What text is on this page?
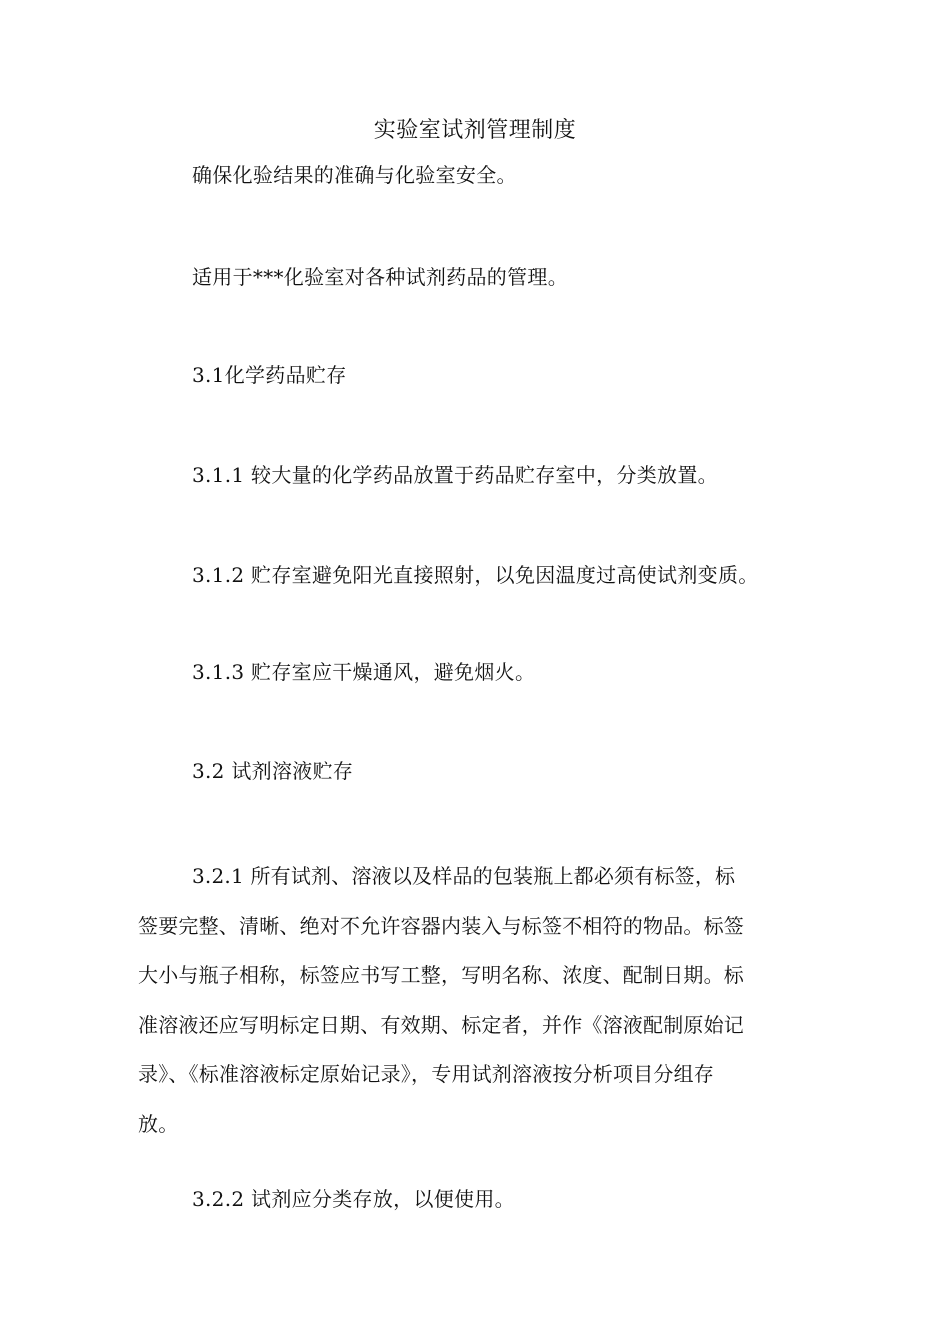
实验室试剂管理制度
确保化验结果的准确与化验室安全。
适用于***化验室对各种试剂药品的管理。
3.1化学药品贮存
3.1.1 较大量的化学药品放置于药品贮存室中，分类放置。
3.1.2 贮存室避免阳光直接照射，以免因温度过高使试剂变质。
3.1.3 贮存室应干燥通风，避免烟火。
3.2 试剂溶液贮存
3.2.1 所有试剂、溶液以及样品的包装瓶上都必须有标签，标
签要完整、清晰、绝对不允许容器内装入与标签不相符的物品。标签
大小与瓶子相称，标签应书写工整，写明名称、浓度、配制日期。标
准溶液还应写明标定日期、有效期、标定者，并作《溶液配制原始记
录》、《标准溶液标定原始记录》，专用试剂溶液按分析项目分组存
放。
3.2.2 试剂应分类存放，以便使用。
